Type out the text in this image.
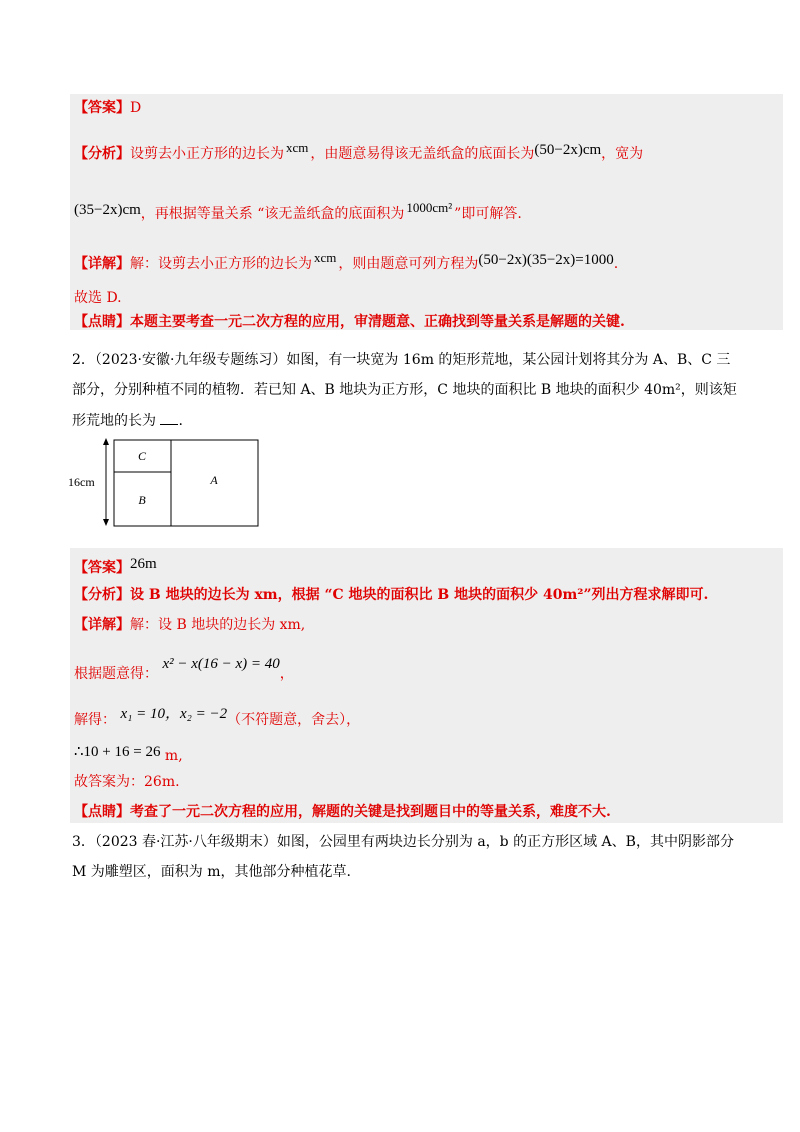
【答案】D
【分析】设剪去小正方形的边长为 xcm ，由题意易得该无盖纸盒的底面长为(50−2x)cm，宽为
(35−2x)cm，再根据等量关系 “该无盖纸盒的底面积为 1000cm² ”即可解答.
【详解】解：设剪去小正方形的边长为 xcm ，则由题意可列方程为(50−2x)(35−2x)=1000.
故选 D.
【点睛】本题主要考查一元二次方程的应用，审清题意、正确找到等量关系是解题的关键.
2．（2023·安徽·九年级专题练习）如图，有一块宽为 16m 的矩形荒地，某公园计划将其分为 A、B、C 三
部分，分别种植不同的植物．若已知 A、B 地块为正方形，C 地块的面积比 B 地块的面积少 40m²，则该矩
形荒地的长为 .
C
B
A
16cm
【答案】26m
【分析】设 B 地块的边长为 xm，根据 “C 地块的面积比 B 地块的面积少 40m²”列出方程求解即可.
【详解】解：设 B 地块的边长为 xm,
根据题意得： x² − x(16 − x) = 40，
解得： x₁ = 10，x₂ = −2（不符题意，舍去），
∴10 + 16 = 26 m,
故答案为：26m.
【点睛】考查了一元二次方程的应用，解题的关键是找到题目中的等量关系，难度不大.
3．（2023 春·江苏·八年级期末）如图，公园里有两块边长分别为 a，b 的正方形区域 A、B，其中阴影部分
M 为雕塑区，面积为 m，其他部分种植花草.
